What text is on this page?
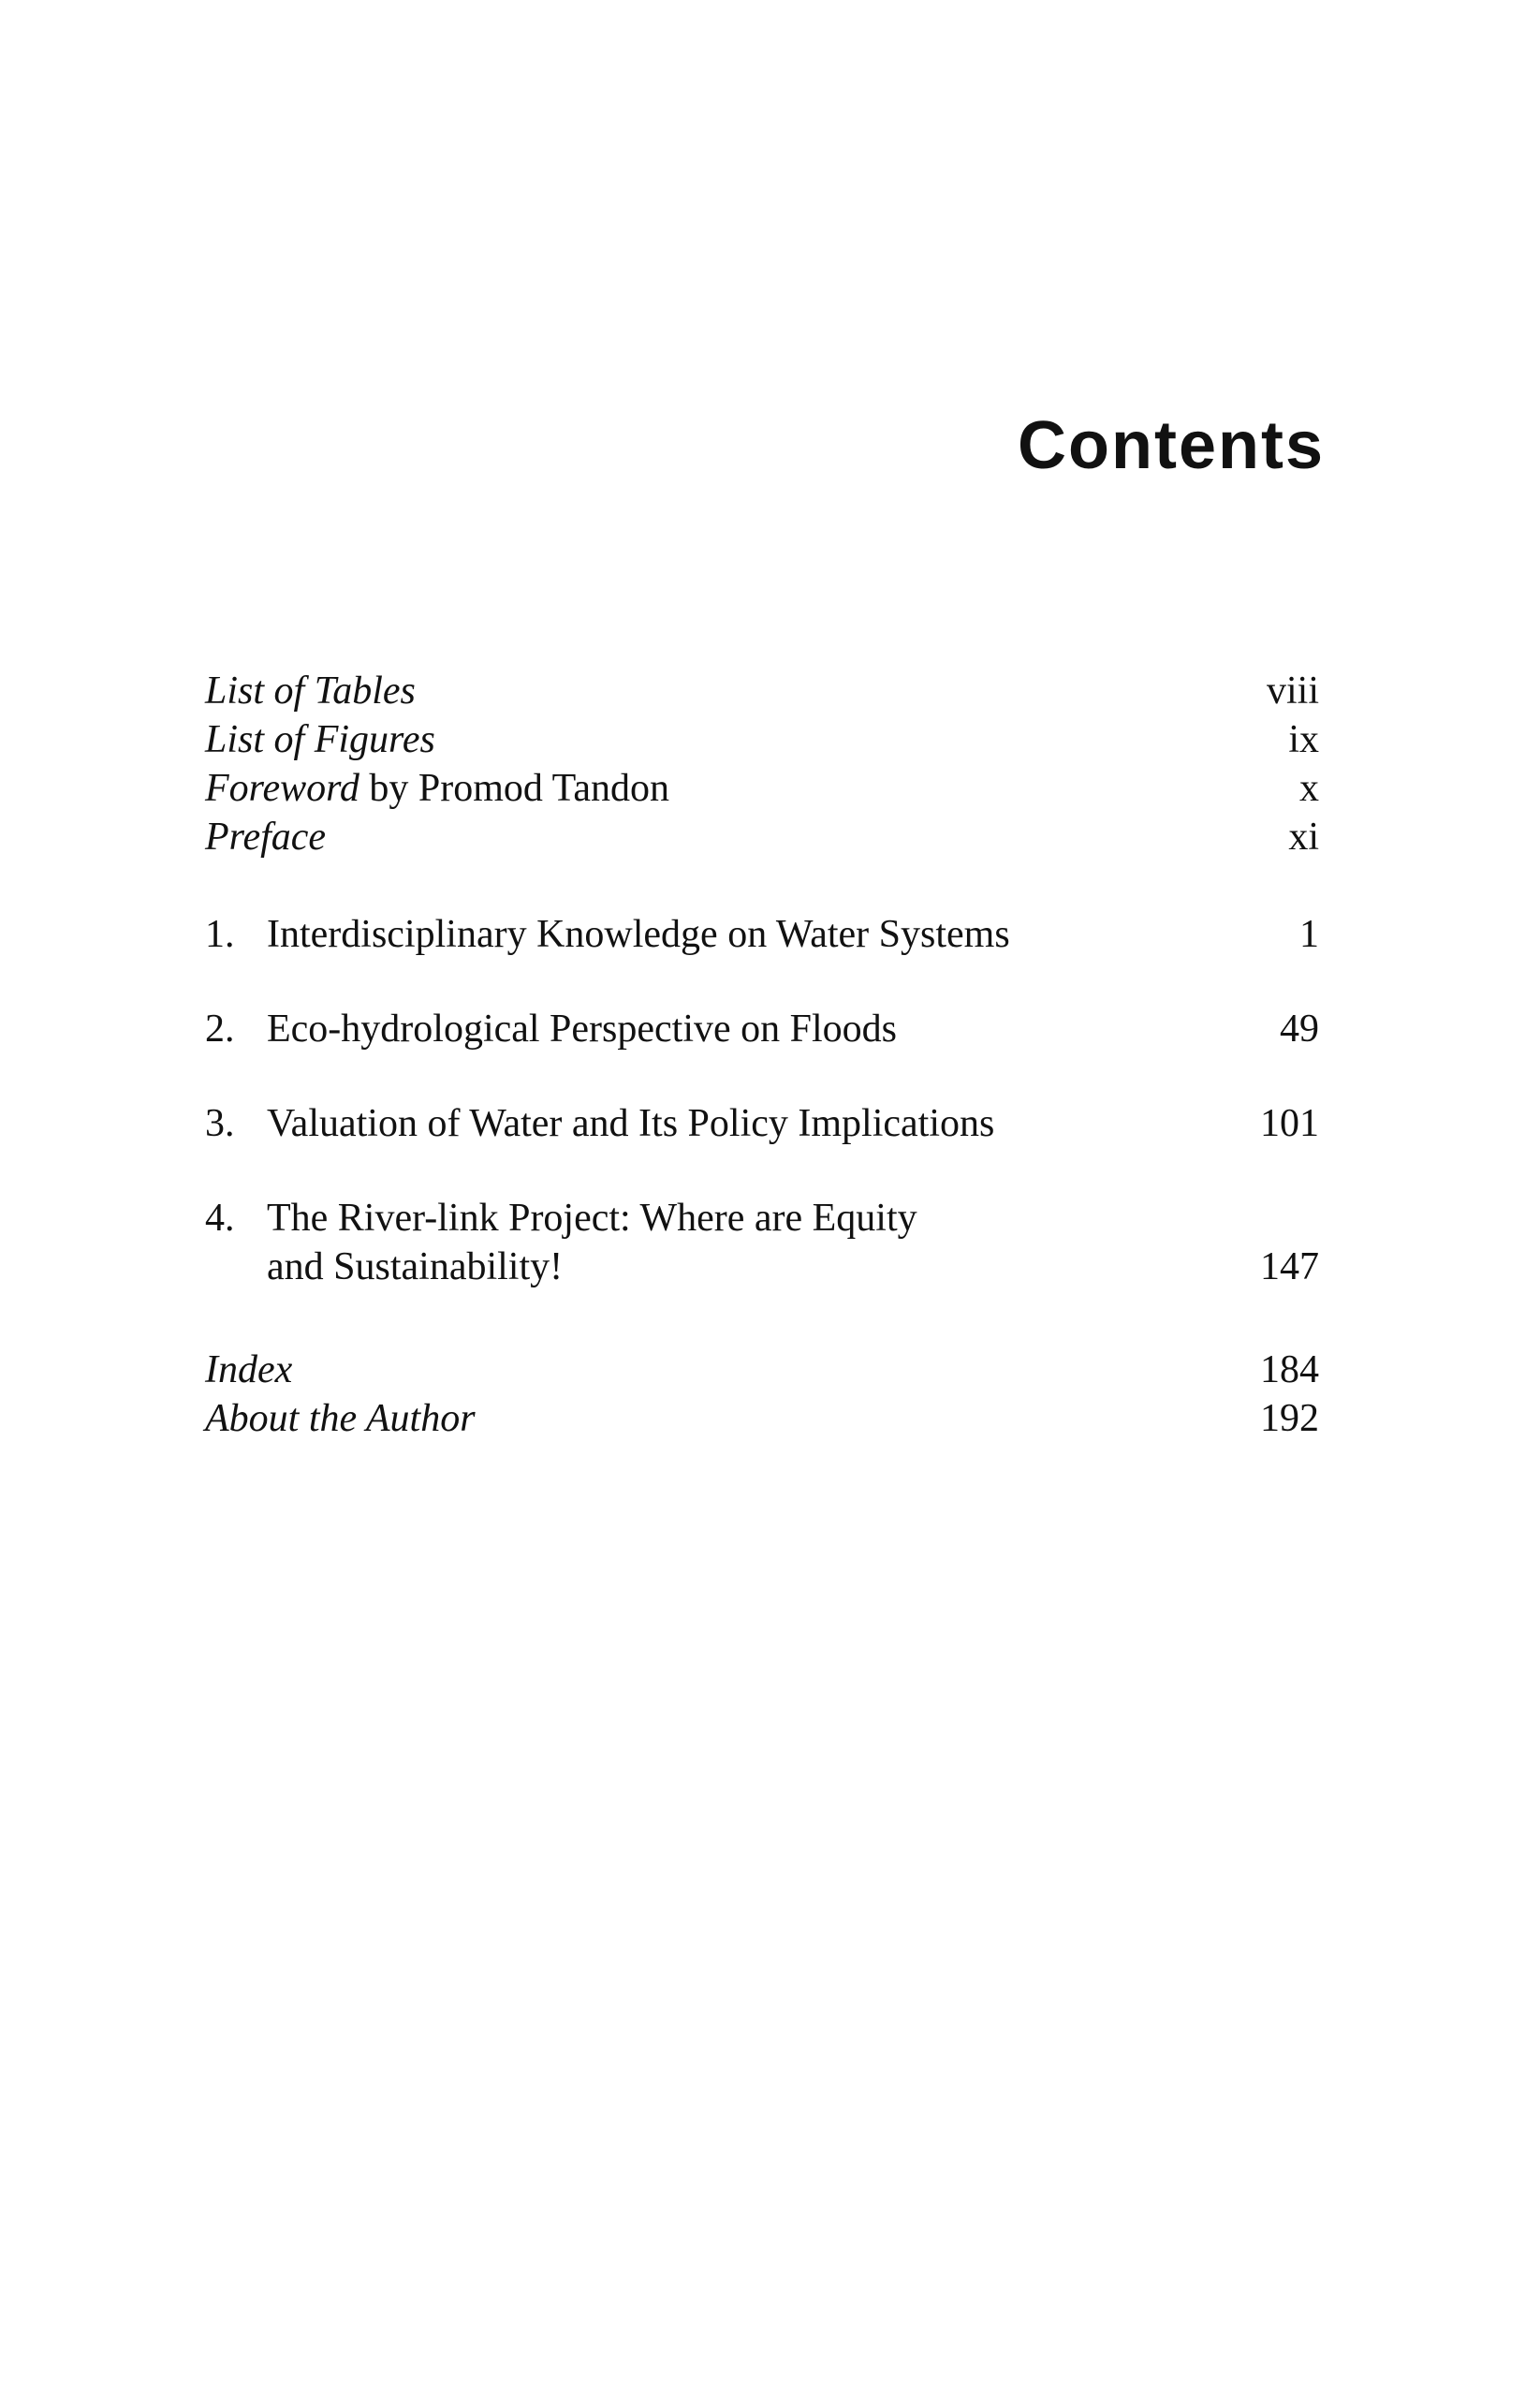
Contents
List of Tables	viii
List of Figures	ix
Foreword by Promod Tandon	x
Preface	xi
1. Interdisciplinary Knowledge on Water Systems	1
2. Eco-hydrological Perspective on Floods	49
3. Valuation of Water and Its Policy Implications	101
4. The River-link Project: Where are Equity
and Sustainability!	147
Index	184
About the Author	192
